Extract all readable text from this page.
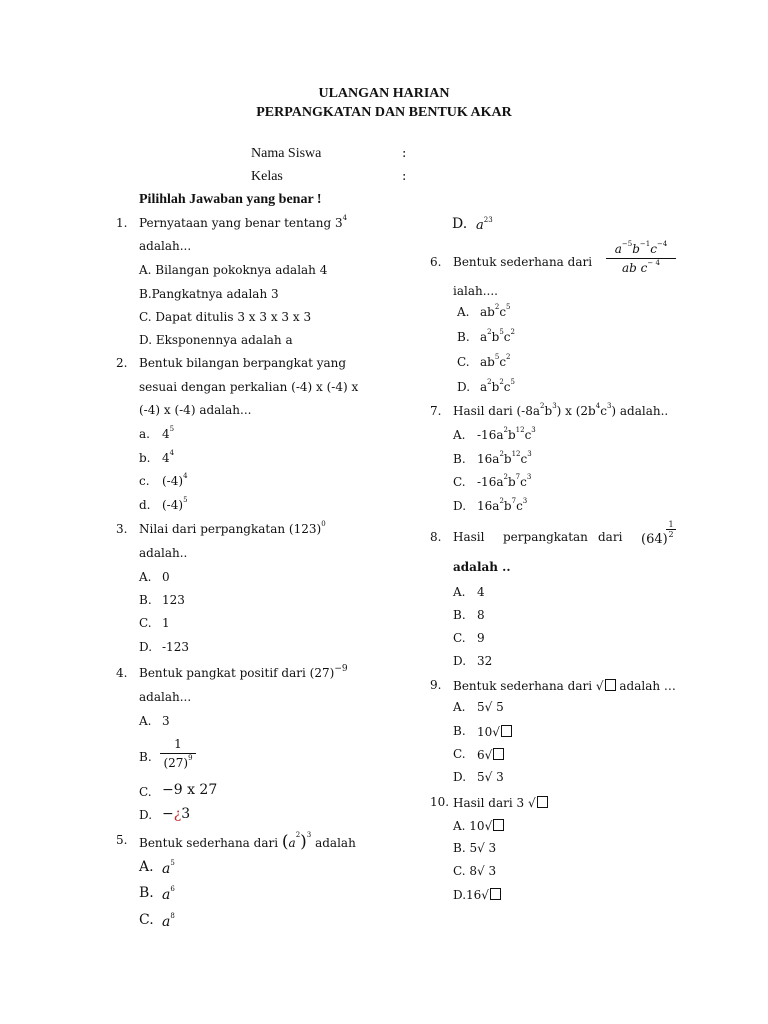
ULANGAN HARIAN
PERPANGKATAN DAN BENTUK AKAR
Nama Siswa	:
Kelas	:
Pilihlah Jawaban yang benar !
1. Pernyataan yang benar tentang $3^4$
adalah...
A. Bilangan pokoknya adalah 4
B.Pangkatnya adalah 3
C. Dapat ditulis 3 x 3 x 3 x 3
D. Eksponennya adalah a
2. Bentuk bilangan berpangkat yang
sesuai dengan perkalian (-4) x (-4) x
(-4) x (-4) adalah...
a. $4^5$
b. $4^4$
c. $(-4)^4$
d. $(-4)^5$
3. Nilai dari perpangkatan $(123)^0$
adalah..
A. 0
B. 123
C. 1
D. -123
4. Bentuk pangkat positif dari $(27)^{-9}$
adalah...
A. 3
B.
1
$(27)^9$
C. −9 x 27
D. −¿3
5. Bentuk sederhana dari $(a^2)^3$ adalah
A. $a^5$
B. $a^6$
C. $a^8$
D. $a^{23}$
6. Bentuk sederhana dari
$a^{-5}b^{-1}c^{-4}$
ab $c^{- 4}$
ialah....
A. $ab^2c^5$
B. $a^2b^5c^2$
C. $ab^5c^2$
D. $a^2b^2c^5$
7. Hasil dari $(-8a^2b^3)$ x $(2b^4c^3)$ adalah..
A. $-16a^2b^{12}c^3$
B. $16a^2b^{12}c^3$
C. $-16a^2b^7c^3$
D. $16a^2b^7c^3$
8. Hasil perpangkatan dari (64)
1
2
adalah ..
A. 4
B. 8
C. 9
D. 32
9. Bentuk sederhana dari √ adalah …
A. 5√ 5
B. 10√
C. 6√
D. 5√ 3
10. Hasil dari 3 √
A. 10√
B. 5√ 3
C. 8√ 3
D.16√
